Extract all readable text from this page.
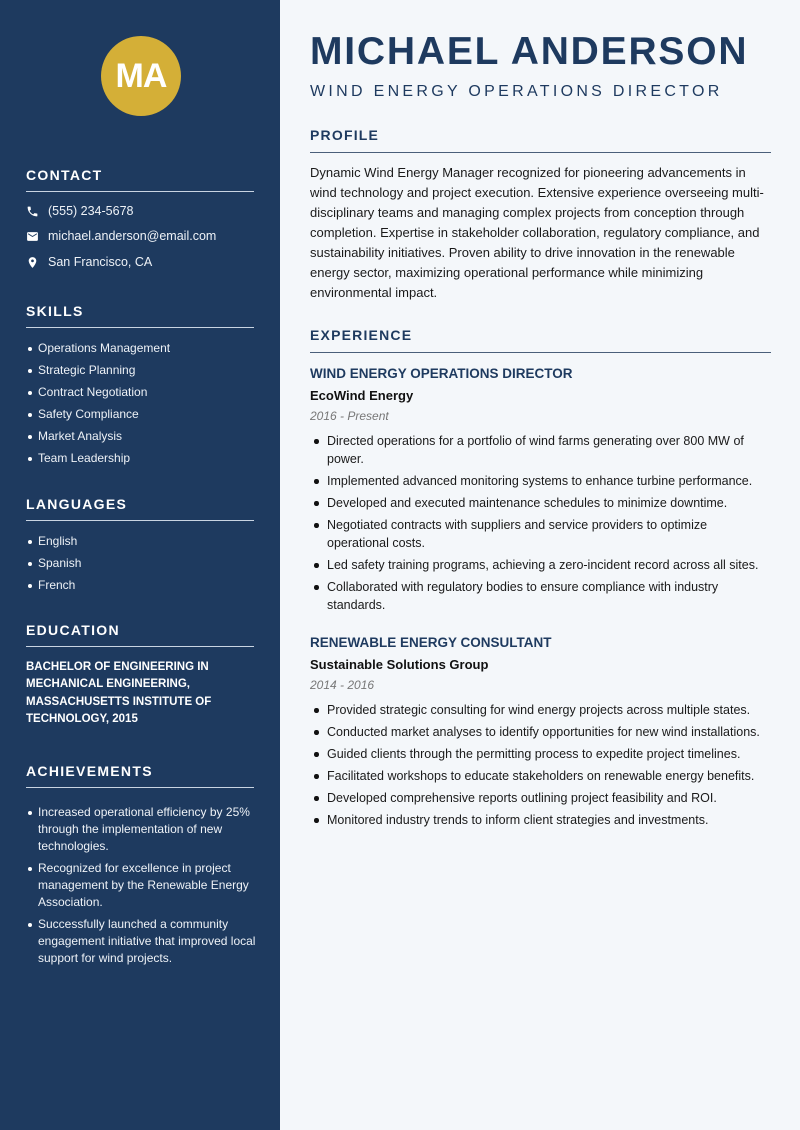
MA
CONTACT
(555) 234-5678
michael.anderson@email.com
San Francisco, CA
SKILLS
Operations Management
Strategic Planning
Contract Negotiation
Safety Compliance
Market Analysis
Team Leadership
LANGUAGES
English
Spanish
French
EDUCATION
BACHELOR OF ENGINEERING IN MECHANICAL ENGINEERING, MASSACHUSETTS INSTITUTE OF TECHNOLOGY, 2015
ACHIEVEMENTS
Increased operational efficiency by 25% through the implementation of new technologies.
Recognized for excellence in project management by the Renewable Energy Association.
Successfully launched a community engagement initiative that improved local support for wind projects.
MICHAEL ANDERSON
WIND ENERGY OPERATIONS DIRECTOR
PROFILE

Dynamic Wind Energy Manager recognized for pioneering advancements in wind technology and project execution. Extensive experience overseeing multi-disciplinary teams and managing complex projects from conception through completion. Expertise in stakeholder collaboration, regulatory compliance, and sustainability initiatives. Proven ability to drive innovation in the renewable energy sector, maximizing operational performance while minimizing environmental impact.

EXPERIENCE
WIND ENERGY OPERATIONS DIRECTOR
EcoWind Energy
2016 - Present
Directed operations for a portfolio of wind farms generating over 800 MW of power.
Implemented advanced monitoring systems to enhance turbine performance.
Developed and executed maintenance schedules to minimize downtime.
Negotiated contracts with suppliers and service providers to optimize operational costs.
Led safety training programs, achieving a zero-incident record across all sites.
Collaborated with regulatory bodies to ensure compliance with industry standards.
RENEWABLE ENERGY CONSULTANT
Sustainable Solutions Group
2014 - 2016
Provided strategic consulting for wind energy projects across multiple states.
Conducted market analyses to identify opportunities for new wind installations.
Guided clients through the permitting process to expedite project timelines.
Facilitated workshops to educate stakeholders on renewable energy benefits.
Developed comprehensive reports outlining project feasibility and ROI.
Monitored industry trends to inform client strategies and investments.
